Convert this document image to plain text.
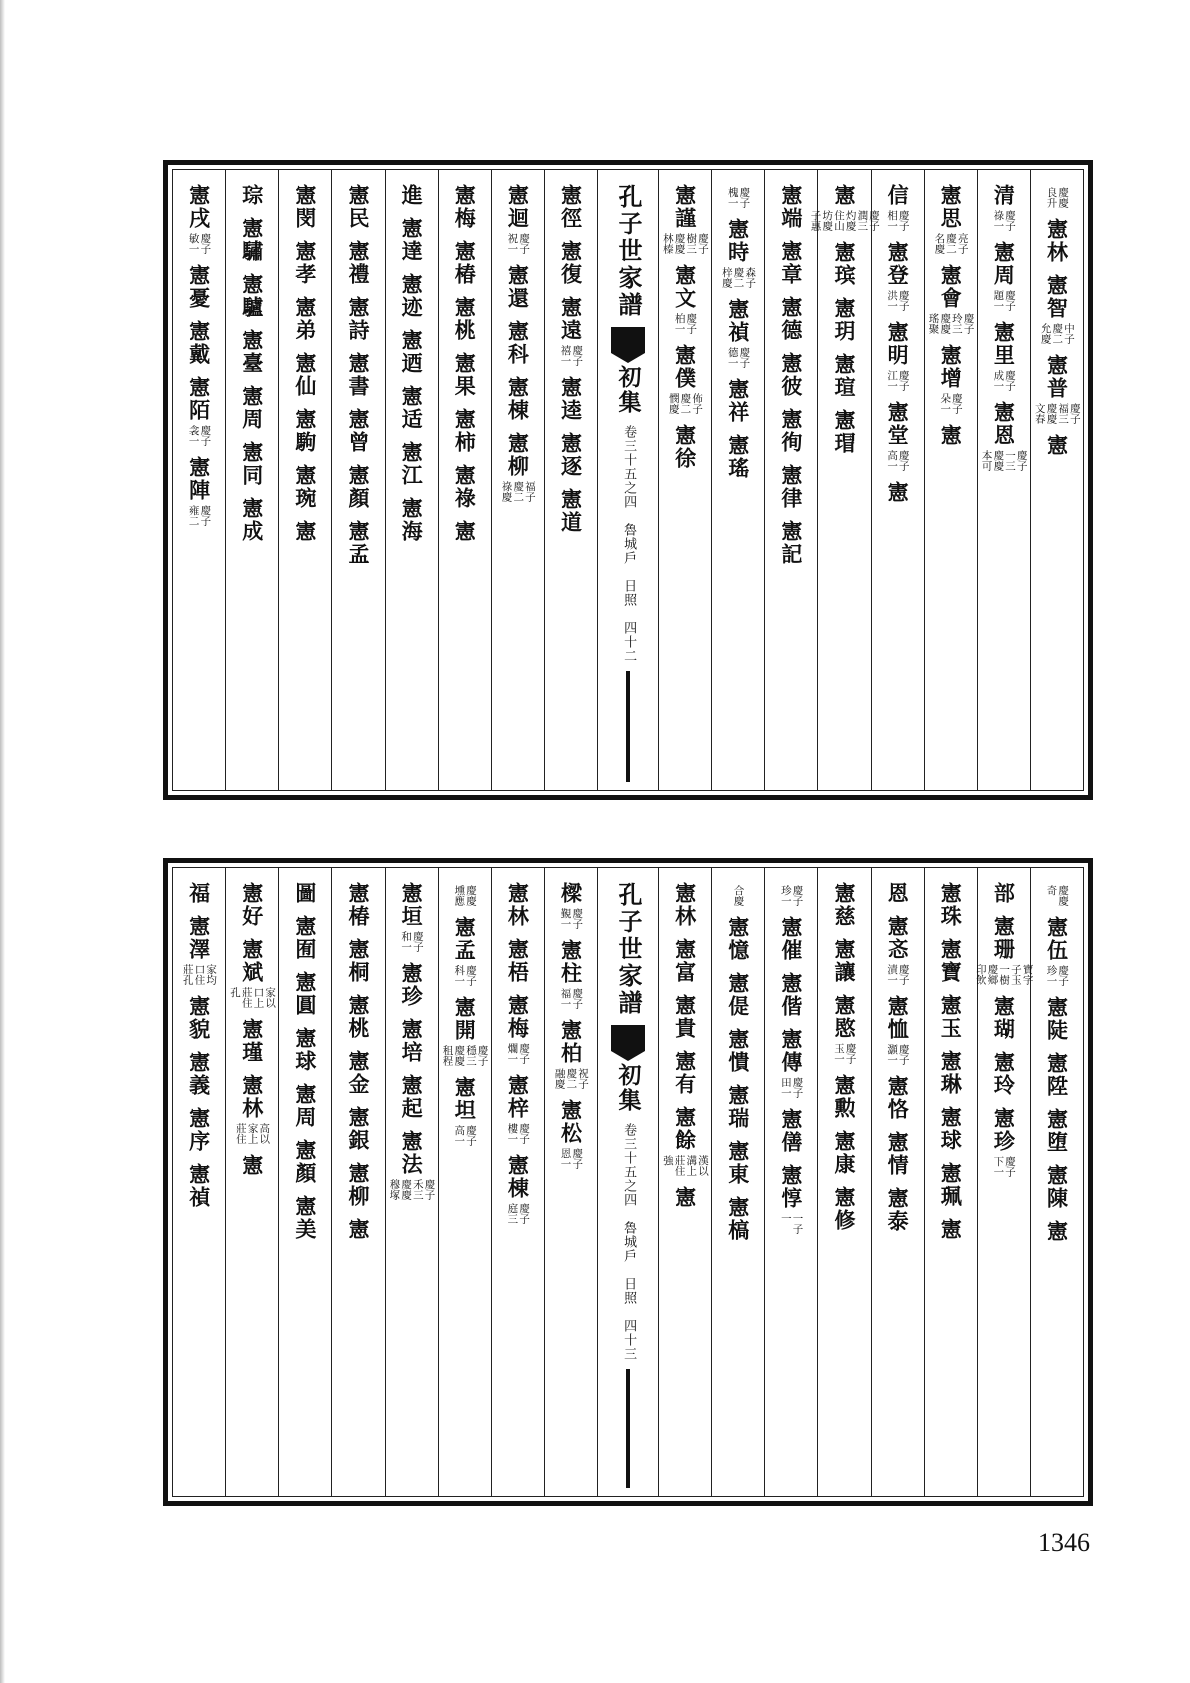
慶慶
良升
憲林
憲智
中子
慶二
允慶
憲普
慶子
福三
慶慶
文春
憲
清
慶子
祿一
憲周
慶子
題一
憲里
慶子
成一
憲恩
慶子
一三
慶慶
本可
憲思
亮子
慶二
名慶
憲會
慶子
玲三
慶慶
瑤聚
憲增
慶子
朵一
憲
信
慶子
相一
憲登
慶子
洪一
憲明
慶子
江一
憲堂
慶子
高一
憲
憲
慶子
潤三
灼慶
住山
坊慶
子惠
憲瑸
憲玥
憲瑄
憲瑁
憲端
憲章
憲德
憲彼
憲徇
憲律
憲記
慶子
槐一
憲時
森子
慶二
梓慶
憲禎
慶子
德一
憲祥
憲瑤
憲謹
慶子
樹三
慶慶
林榛
憲文
慶子
柏一
憲僕
佈子
慶二
憫慶
憲徐
孔子世家譜
初集
卷三十五之四　魯城戶　日照　四十二
憲徑
憲復
憲遠
慶子
禧一
憲逵
憲逐
憲道
憲迴
慶子
祝一
憲還
憲科
憲棟
憲柳
福子
慶二
祿慶
憲梅
憲椿
憲桃
憲果
憲柿
憲祿
憲
進
憲達
憲迹
憲迺
憲适
憲江
憲海
憲民
憲禮
憲詩
憲書
憲曾
憲顏
憲孟
憲閔
憲孝
憲弟
憲仙
憲駒
憲琬
憲
琮
憲驌
憲驢
憲臺
憲周
憲同
憲成
憲戌
慶子
敏一
憲憂
憲戴
憲陌
慶子
衾一
憲陣
慶子
雍二
慶慶
奇
憲伍
慶子
珍一
憲陡
憲陞
憲堕
憲陳
憲
部
憲珊
寶字
子玉
一樹
慶鄉
印飲
憲瑚
憲玲
憲珍
慶子
下一
憲珠
憲寶
憲玉
憲琳
憲球
憲珮
憲
恩
憲忞
慶子
漬一
憲恤
慶子
灝一
憲恪
憲情
憲泰
憲慈
憲讓
憲愍
慶子
玉一
憲勲
憲康
憲修
慶子
珍一
憲催
憲偕
憲傳
慶子
田一
憲僐
憲惇
一子
一
合慶
憲憶
憲偍
憲憒
憲瑞
憲東
憲槁
憲林
憲富
憲貴
憲有
憲餘
漢以
溝上
莊住
強
憲
孔子世家譜
初集
卷三十五之四　魯城戶　日照　四十三
樑
慶子
覲一
憲柱
慶子
福一
憲柏
祝子
慶二
融慶
憲松
慶子
恩一
憲林
憲梧
憲梅
慶子
爛一
憲梓
慶子
樓一
憲棟
慶子
庭三
慶慶
壎應
憲孟
慶子
科一
憲開
慶子
穩三
慶慶
租程
憲坦
慶子
高一
憲垣
慶子
和一
憲珍
憲培
憲起
憲法
慶子
禾三
慶慶
穆塚
憲椿
憲桐
憲桃
憲金
憲銀
憲柳
憲
圖
憲囿
憲圓
憲球
憲周
憲顏
憲美
憲好
憲斌
家以
口上
莊住
孔
憲瑾
憲林
高以
家上
莊住
憲
福
憲澤
家均
口住
莊孔
憲貌
憲義
憲序
憲禎
1346
